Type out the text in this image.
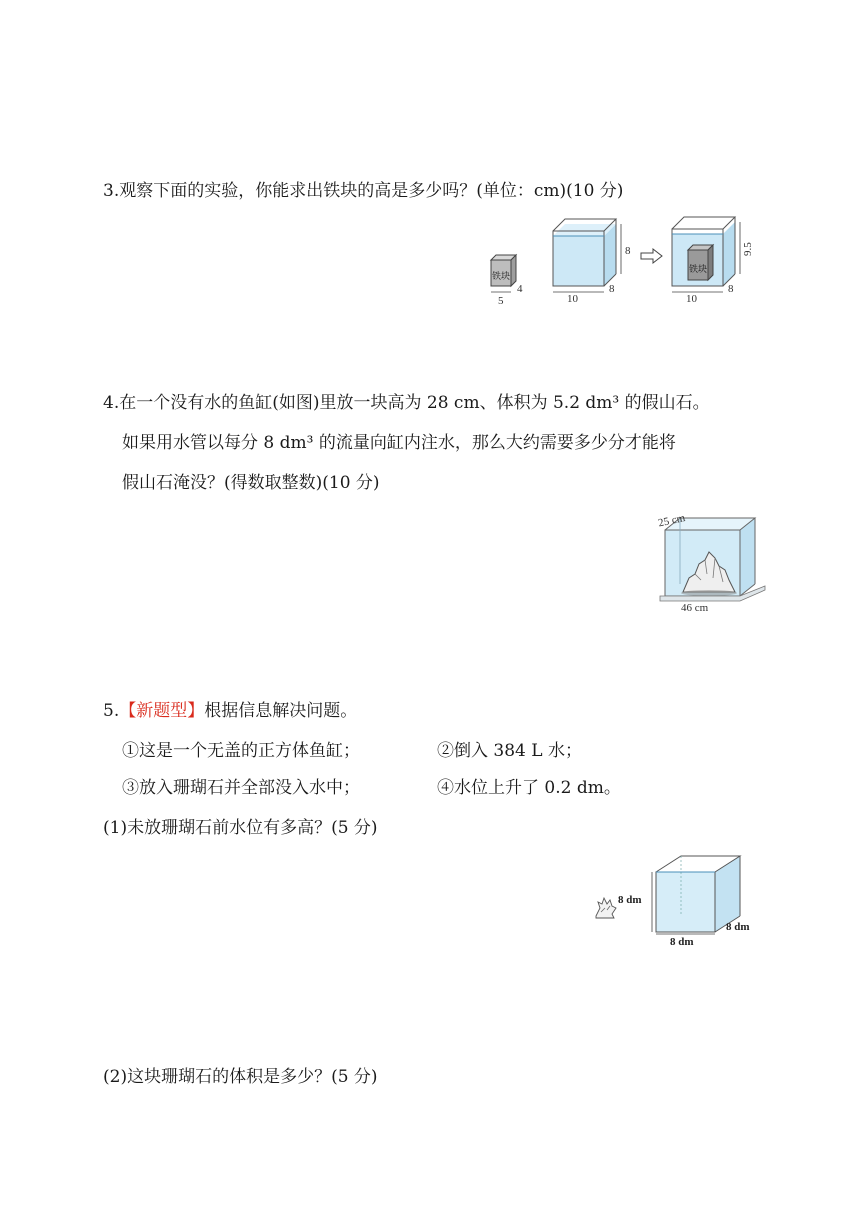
3.观察下面的实验，你能求出铁块的高是多少吗？(单位：cm)(10 分)
铁块
5
4
8
10
8
铁块
9.5
10
8
4.在一个没有水的鱼缸(如图)里放一块高为 28 cm、体积为 5.2 dm³ 的假山石。
如果用水管以每分 8 dm³ 的流量向缸内注水，那么大约需要多少分才能将
假山石淹没？(得数取整数)(10 分)
25 cm
46 cm
5.【新题型】根据信息解决问题。
①这是一个无盖的正方体鱼缸；	②倒入 384 L 水；
③放入珊瑚石并全部没入水中；	④水位上升了 0.2 dm。
(1)未放珊瑚石前水位有多高？(5 分)
8 dm
8 dm
8 dm
(2)这块珊瑚石的体积是多少？(5 分)
